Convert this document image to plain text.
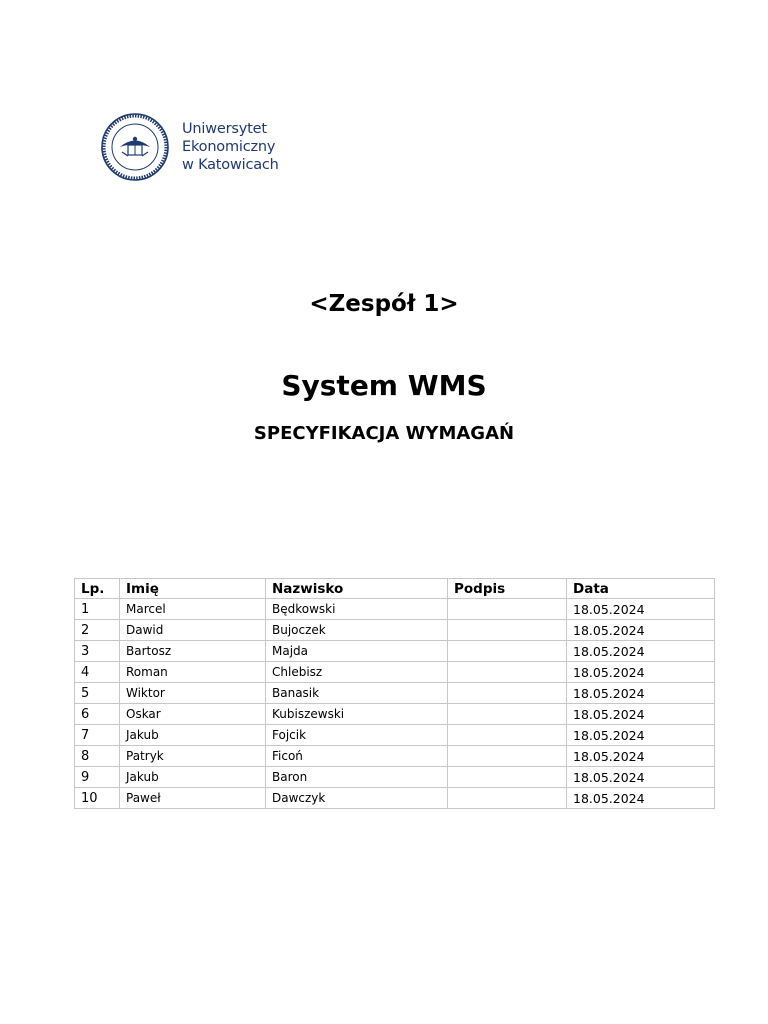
Uniwersytet
Ekonomiczny
w Katowicach
<Zespół 1>
System WMS
SPECYFIKACJA WYMAGAŃ
Lp.	Imię	Nazwisko	Podpis	Data
1	Marcel	Będkowski		18.05.2024
2	Dawid	Bujoczek		18.05.2024
3	Bartosz	Majda		18.05.2024
4	Roman	Chlebisz		18.05.2024
5	Wiktor	Banasik		18.05.2024
6	Oskar	Kubiszewski		18.05.2024
7	Jakub	Fojcik		18.05.2024
8	Patryk	Ficoń		18.05.2024
9	Jakub	Baron		18.05.2024
10	Paweł	Dawczyk		18.05.2024
